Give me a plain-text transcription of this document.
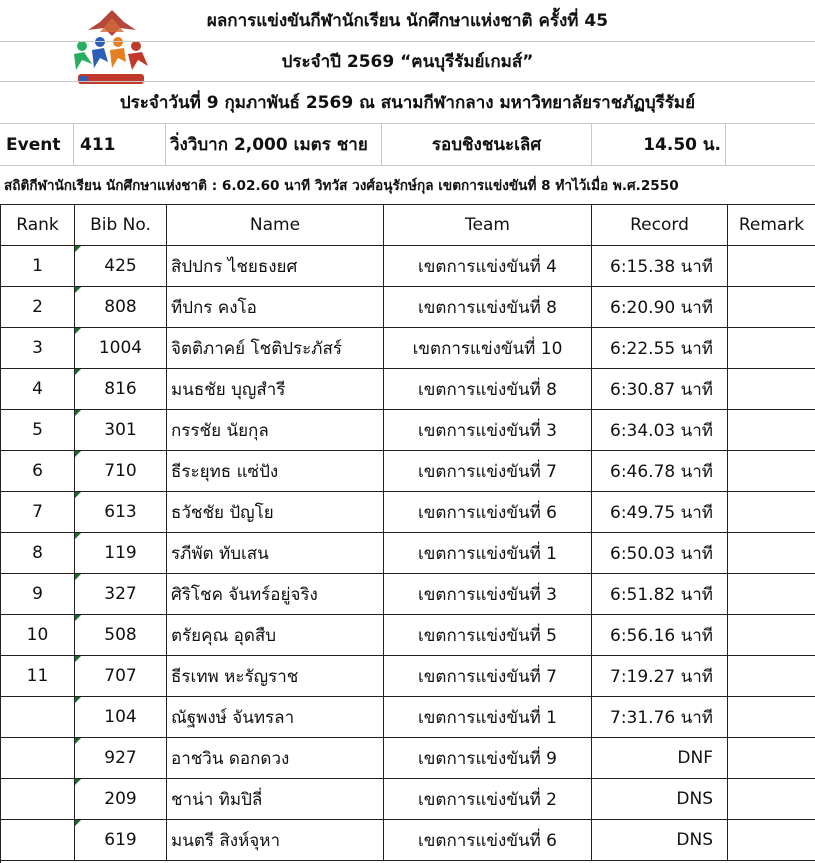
ผลการแข่งขันกีฬานักเรียน นักศึกษาแห่งชาติ ครั้งที่ 45
ประจำปี 2569 “ฅนบุรีรัมย์เกมส์”
ประจำวันที่ 9 กุมภาพันธ์ 2569 ณ สนามกีฬากลาง มหาวิทยาลัยราชภัฏบุรีรัมย์
Event	411	วิ่งวิบาก 2,000 เมตร ชาย	รอบชิงชนะเลิศ	14.50 น.
สถิติกีฬานักเรียน นักศึกษาแห่งชาติ : 6.02.60 นาที วิทวัส วงศ์อนุรักษ์กุล เขตการแข่งขันที่ 8 ทำไว้เมื่อ พ.ศ.2550
Rank	Bib No.	Name	Team	Record	Remark
1	425 สิปปกร ไชยธงยศ	เขตการแข่งขันที่ 4	6:15.38 นาที
2	808 ทีปกร คงโอ	เขตการแข่งขันที่ 8	6:20.90 นาที
3	1004 จิตติภาคย์ โชติประภัสร์	เขตการแข่งขันที่ 10	6:22.55 นาที
4	816 มนธชัย บุญสำรี	เขตการแข่งขันที่ 8	6:30.87 นาที
5	301 กรรชัย นัยกุล	เขตการแข่งขันที่ 3	6:34.03 นาที
6	710 ธีระยุทธ แซ่ปัง	เขตการแข่งขันที่ 7	6:46.78 นาที
7	613 ธวัชชัย ปัญโย	เขตการแข่งขันที่ 6	6:49.75 นาที
8	119 รภีพัต ทับเสน	เขตการแข่งขันที่ 1	6:50.03 นาที
9	327 ศิริโชค จันทร์อยู่จริง	เขตการแข่งขันที่ 3	6:51.82 นาที
10	508 ตรัยคุณ อุดสืบ	เขตการแข่งขันที่ 5	6:56.16 นาที
11	707 ธีรเทพ หะรัญราช	เขตการแข่งขันที่ 7	7:19.27 นาที
104 ณัฐพงษ์ จันทรลา	เขตการแข่งขันที่ 1	7:31.76 นาที
927 อาชวิน ดอกดวง	เขตการแข่งขันที่ 9	DNF
209 ชาน่า ทิมปิลี่	เขตการแข่งขันที่ 2	DNS
619 มนตรี สิงห์จุหา	เขตการแข่งขันที่ 6	DNS
